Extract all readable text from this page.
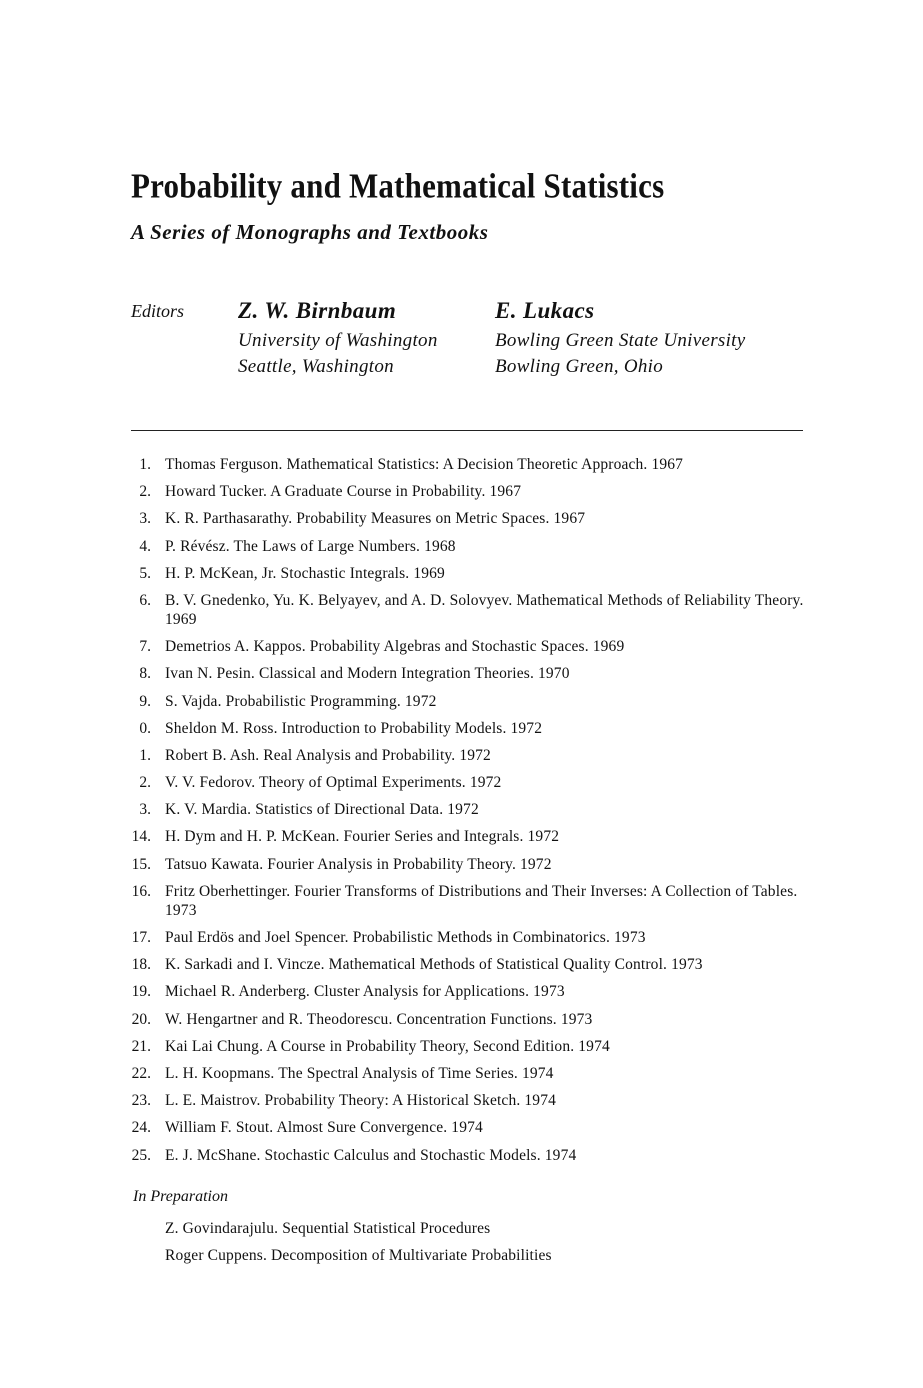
Probability and Mathematical Statistics
A Series of Monographs and Textbooks
Editors Z. W. Birnbaum
University of Washington
Seattle, Washington
E. Lukacs
Bowling Green State University
Bowling Green, Ohio
1. Thomas Ferguson. Mathematical Statistics: A Decision Theoretic Approach. 1967
2. Howard Tucker. A Graduate Course in Probability. 1967
3. K. R. Parthasarathy. Probability Measures on Metric Spaces. 1967
4. P. Révész. The Laws of Large Numbers. 1968
5. H. P. McKean, Jr. Stochastic Integrals. 1969
6. B. V. Gnedenko, Yu. K. Belyayev, and A. D. Solovyev. Mathematical Methods of Reliability Theory. 1969
7. Demetrios A. Kappos. Probability Algebras and Stochastic Spaces. 1969
8. Ivan N. Pesin. Classical and Modern Integration Theories. 1970
9. S. Vajda. Probabilistic Programming. 1972
0. Sheldon M. Ross. Introduction to Probability Models. 1972
1. Robert B. Ash. Real Analysis and Probability. 1972
2. V. V. Fedorov. Theory of Optimal Experiments. 1972
3. K. V. Mardia. Statistics of Directional Data. 1972
14. H. Dym and H. P. McKean. Fourier Series and Integrals. 1972
15. Tatsuo Kawata. Fourier Analysis in Probability Theory. 1972
16. Fritz Oberhettinger. Fourier Transforms of Distributions and Their Inverses: A Collection of Tables. 1973
17. Paul Erdös and Joel Spencer. Probabilistic Methods in Combinatorics. 1973
18. K. Sarkadi and I. Vincze. Mathematical Methods of Statistical Quality Control. 1973
19. Michael R. Anderberg. Cluster Analysis for Applications. 1973
20. W. Hengartner and R. Theodorescu. Concentration Functions. 1973
21. Kai Lai Chung. A Course in Probability Theory, Second Edition. 1974
22. L. H. Koopmans. The Spectral Analysis of Time Series. 1974
23. L. E. Maistrov. Probability Theory: A Historical Sketch. 1974
24. William F. Stout. Almost Sure Convergence. 1974
25. E. J. McShane. Stochastic Calculus and Stochastic Models. 1974
In Preparation
Z. Govindarajulu. Sequential Statistical Procedures
Roger Cuppens. Decomposition of Multivariate Probabilities
